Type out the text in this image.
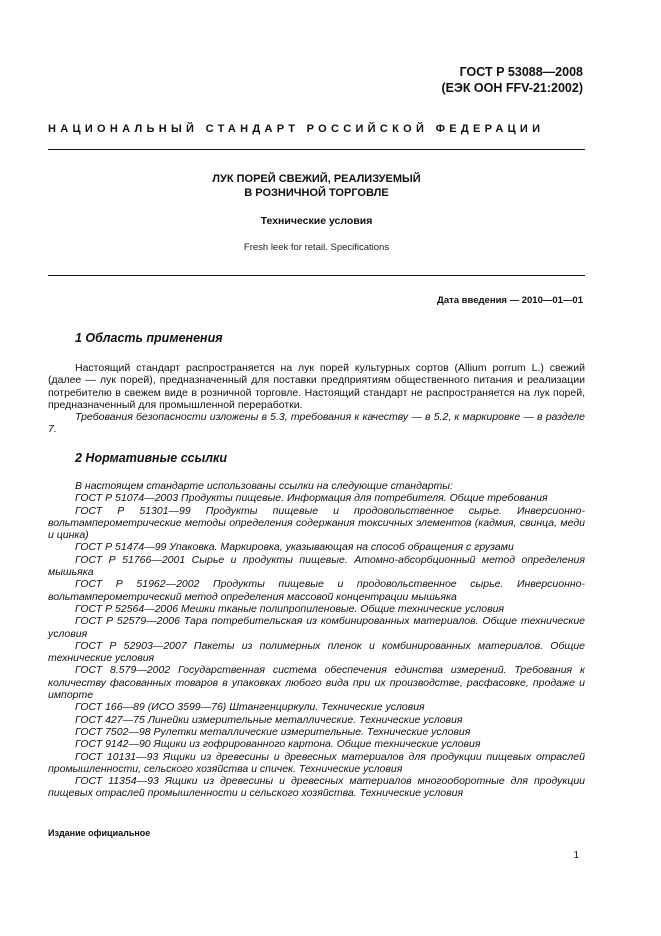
ГОСТ Р 53088—2008
(ЕЭК ООН FFV-21:2002)
НАЦИОНАЛЬНЫЙ СТАНДАРТ РОССИЙСКОЙ ФЕДЕРАЦИИ
ЛУК ПОРЕЙ СВЕЖИЙ, РЕАЛИЗУЕМЫЙ
В РОЗНИЧНОЙ ТОРГОВЛЕ
Технические условия
Fresh leek for retail. Specifications
Дата введения — 2010—01—01
1 Область применения

Настоящий стандарт распространяется на лук порей культурных сортов (Allium porrum L.) свежий (далее — лук порей), предназначенный для поставки предприятиям общественного питания и реализации потребителю в свежем виде в розничной торговле. Настоящий стандарт не распространяется на лук порей, предназначенный для промышленной переработки.

Требования безопасности изложены в 5.3, требования к качеству — в 5.2, к маркировке — в разделе 7.

2 Нормативные ссылки

В настоящем стандарте использованы ссылки на следующие стандарты:

ГОСТ Р 51074—2003 Продукты пищевые. Информация для потребителя. Общие требования

ГОСТ Р 51301—99 Продукты пищевые и продовольственное сырье. Инверсионно-вольтамперометрические методы определения содержания токсичных элементов (кадмия, свинца, меди и цинка)

ГОСТ Р 51474—99 Упаковка. Маркировка, указывающая на способ обращения с грузами

ГОСТ Р 51766—2001 Сырье и продукты пищевые. Атомно-абсорбционный метод определения мышьяка

ГОСТ Р 51962—2002 Продукты пищевые и продовольственное сырье. Инверсионно-вольтамперометрический метод определения массовой концентрации мышьяка

ГОСТ Р 52564—2006 Мешки тканые полипропиленовые. Общие технические условия

ГОСТ Р 52579—2006 Тара потребительская из комбинированных материалов. Общие технические условия

ГОСТ Р 52903—2007 Пакеты из полимерных пленок и комбинированных материалов. Общие технические условия

ГОСТ 8.579—2002 Государственная система обеспечения единства измерений. Требования к количеству фасованных товаров в упаковках любого вида при их производстве, расфасовке, продаже и импорте

ГОСТ 166—89 (ИСО 3599—76) Штангенциркули. Технические условия

ГОСТ 427—75 Линейки измерительные металлические. Технические условия

ГОСТ 7502—98 Рулетки металлические измерительные. Технические условия

ГОСТ 9142—90 Ящики из гофрированного картона. Общие технические условия

ГОСТ 10131—93 Ящики из древесины и древесных материалов для продукции пищевых отраслей промышленности, сельского хозяйства и спичек. Технические условия

ГОСТ 11354—93 Ящики из древесины и древесных материалов многооборотные для продукции пищевых отраслей промышленности и сельского хозяйства. Технические условия

Издание официальное
1
